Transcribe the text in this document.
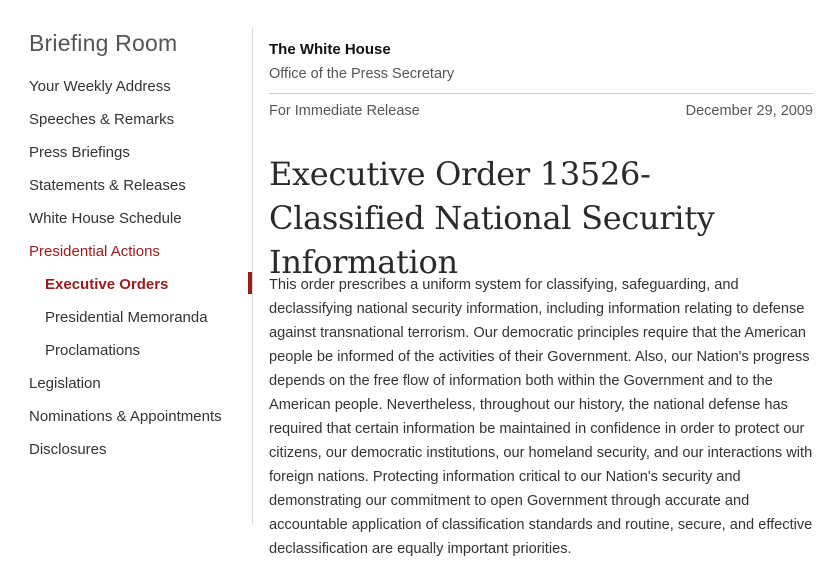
Briefing Room
Your Weekly Address
Speeches & Remarks
Press Briefings
Statements & Releases
White House Schedule
Presidential Actions
Executive Orders
Presidential Memoranda
Proclamations
Legislation
Nominations & Appointments
Disclosures
The White House
Office of the Press Secretary
For Immediate Release	December 29, 2009
Executive Order 13526- Classified National Security Information

This order prescribes a uniform system for classifying, safeguarding, and declassifying national security information, including information relating to defense against transnational terrorism. Our democratic principles require that the American people be informed of the activities of their Government. Also, our Nation's progress depends on the free flow of information both within the Government and to the American people. Nevertheless, throughout our history, the national defense has required that certain information be maintained in confidence in order to protect our citizens, our democratic institutions, our homeland security, and our interactions with foreign nations. Protecting information critical to our Nation's security and demonstrating our commitment to open Government through accurate and accountable application of classification standards and routine, secure, and effective declassification are equally important priorities.
